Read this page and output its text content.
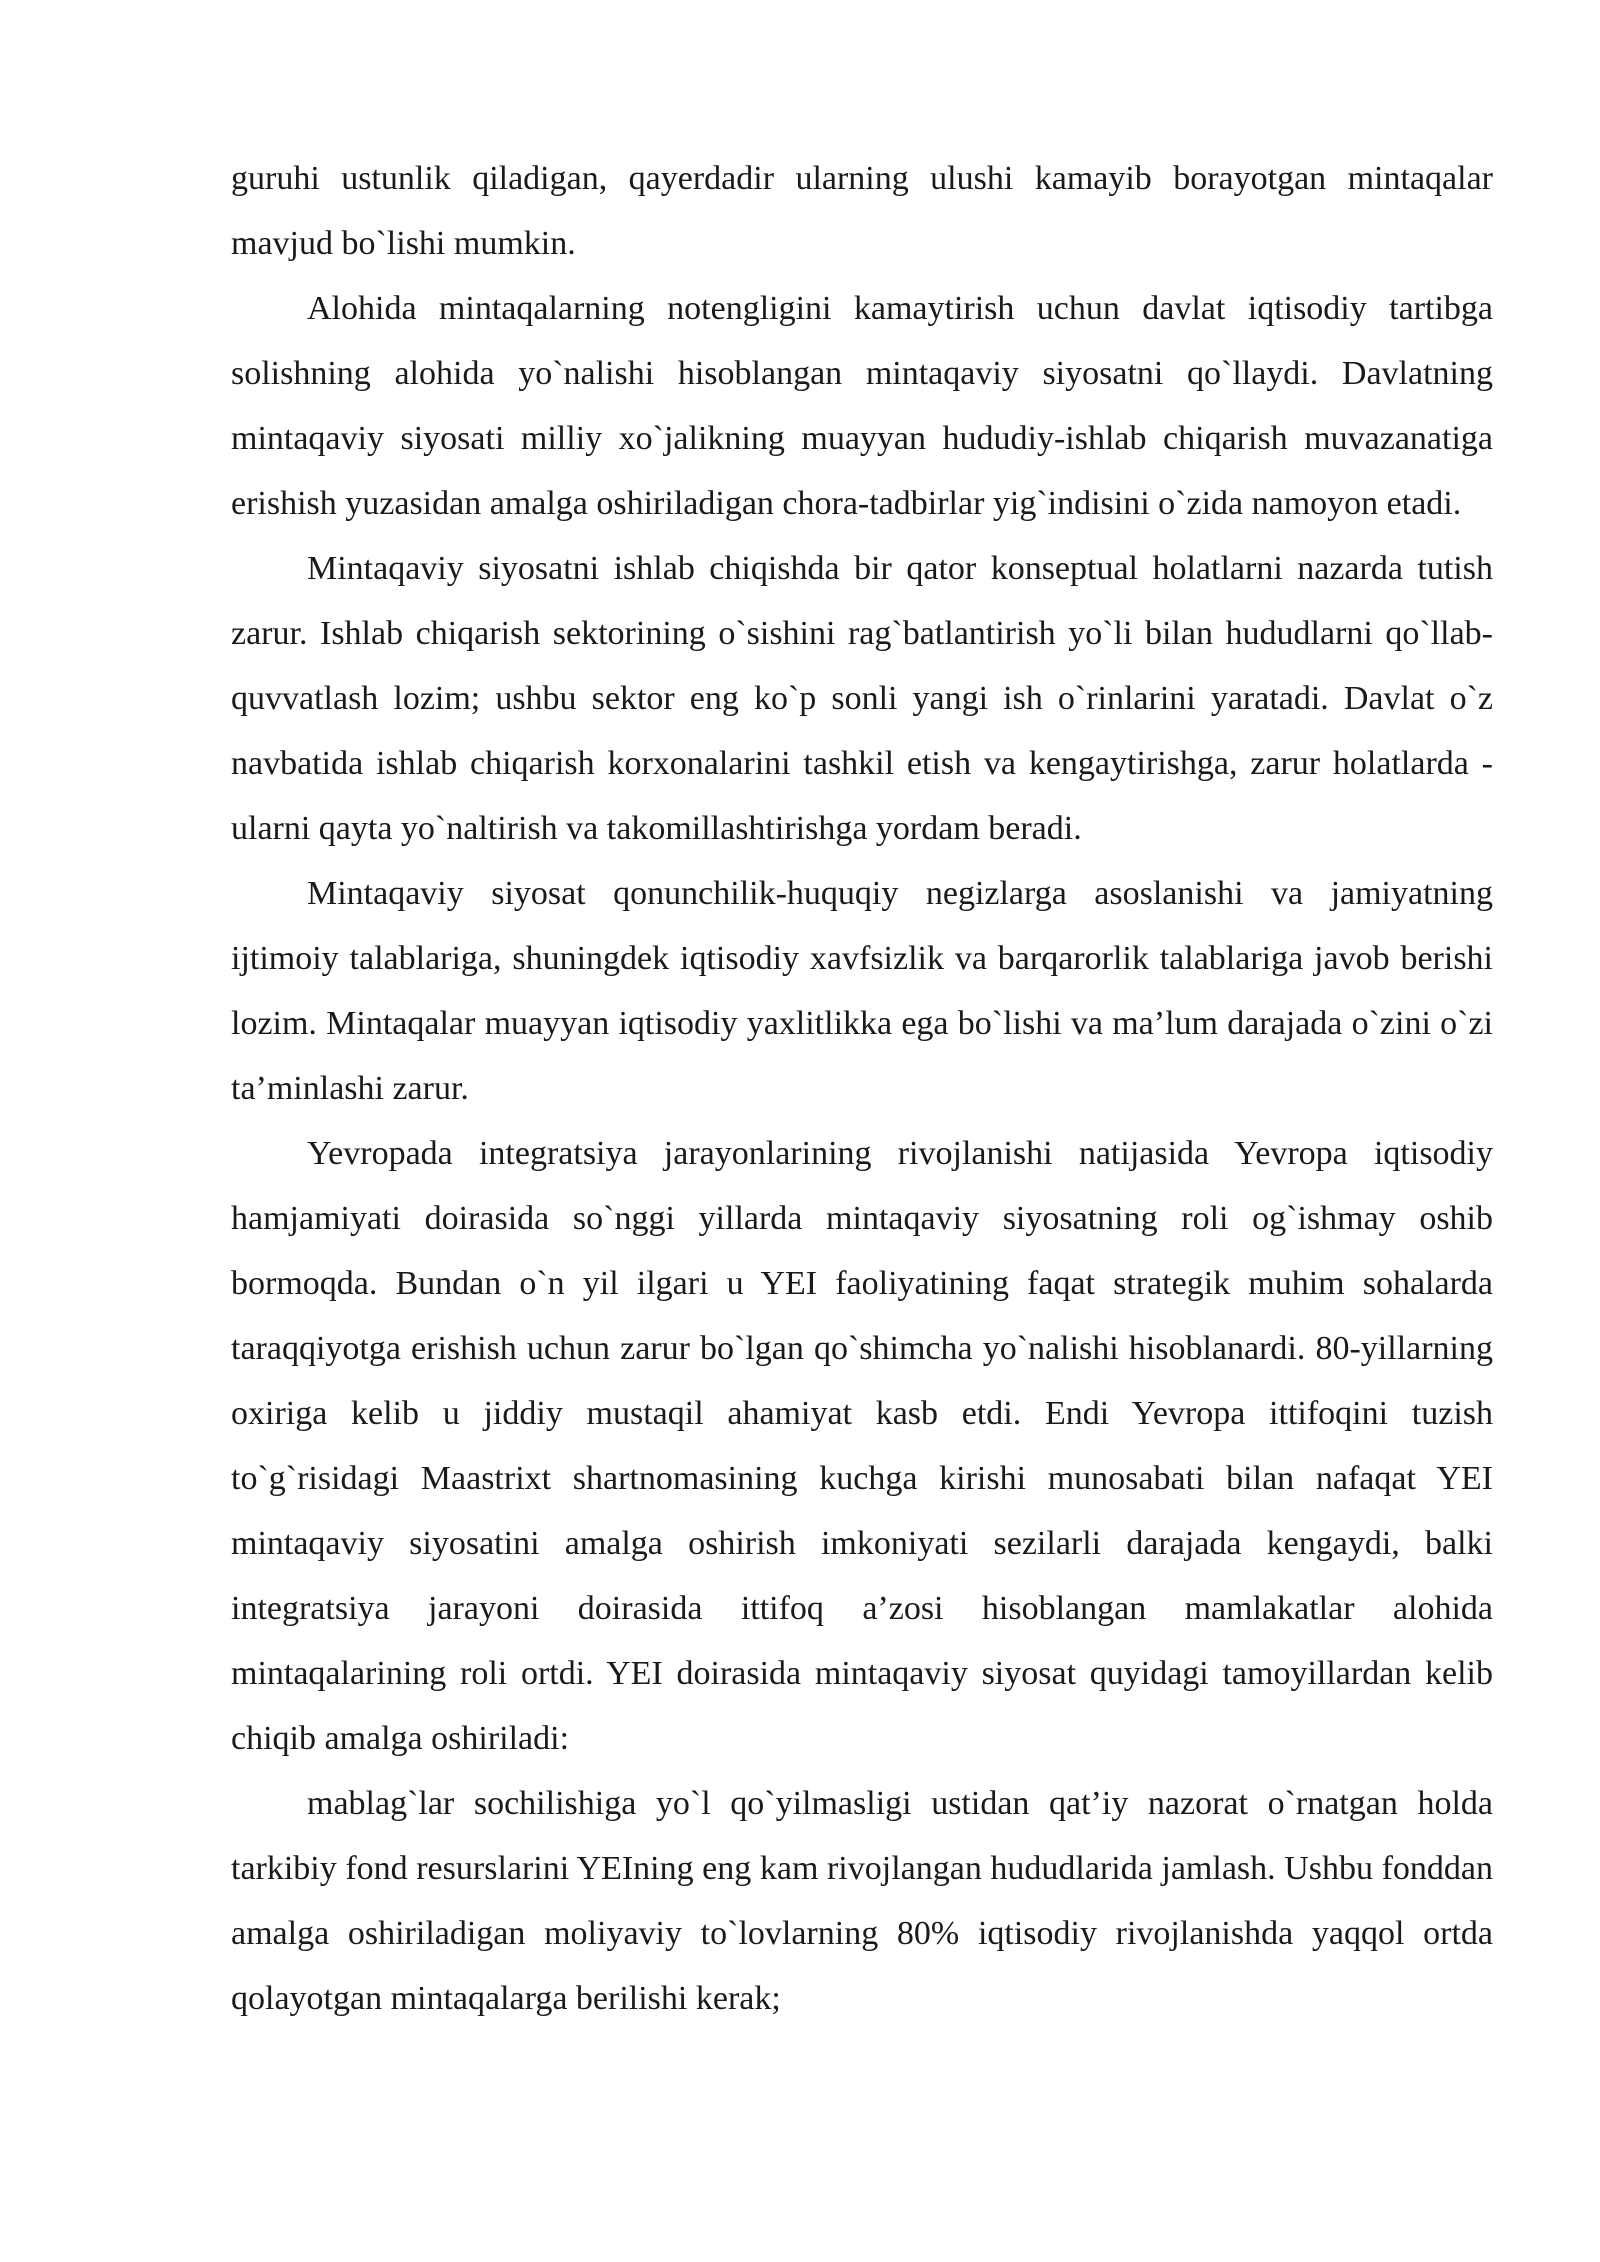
guruhi ustunlik qiladigan, qayerdadir ularning ulushi kamayib borayotgan mintaqalar mavjud bo`lishi mumkin.

Alohida mintaqalarning notengligini kamaytirish uchun davlat iqtisodiy tartibga solishning alohida yo`nalishi hisoblangan mintaqaviy siyosatni qo`llaydi. Davlatning mintaqaviy siyosati milliy xo`jalikning muayyan hududiy-ishlab chiqarish muvazanatiga erishish yuzasidan amalga oshiriladigan chora-tadbirlar yig`indisini o`zida namoyon etadi.

Mintaqaviy siyosatni ishlab chiqishda bir qator konseptual holatlarni nazarda tutish zarur. Ishlab chiqarish sektorining o`sishini rag`batlantirish yo`li bilan hududlarni qo`llab-quvvatlash lozim; ushbu sektor eng ko`p sonli yangi ish o`rinlarini yaratadi. Davlat o`z navbatida ishlab chiqarish korxonalarini tashkil etish va kengaytirishga, zarur holatlarda - ularni qayta yo`naltirish va takomillashtirishga yordam beradi.

Mintaqaviy siyosat qonunchilik-huquqiy negizlarga asoslanishi va jamiyatning ijtimoiy talablariga, shuningdek iqtisodiy xavfsizlik va barqarorlik talablariga javob berishi lozim. Mintaqalar muayyan iqtisodiy yaxlitlikka ega bo`lishi va ma’lum darajada o`zini o`zi ta’minlashi zarur.

Yevropada integratsiya jarayonlarining rivojlanishi natijasida Yevropa iqtisodiy hamjamiyati doirasida so`nggi yillarda mintaqaviy siyosatning roli og`ishmay oshib bormoqda. Bundan o`n yil ilgari u YEI faoliyatining faqat strategik muhim sohalarda taraqqiyotga erishish uchun zarur bo`lgan qo`shimcha yo`nalishi hisoblanardi. 80-yillarning oxiriga kelib u jiddiy mustaqil ahamiyat kasb etdi. Endi Yevropa ittifoqini tuzish to`g`risidagi Maastrixt shartnomasining kuchga kirishi munosabati bilan nafaqat YEI mintaqaviy siyosatini amalga oshirish imkoniyati sezilarli darajada kengaydi, balki integratsiya jarayoni doirasida ittifoq a’zosi hisoblangan mamlakatlar alohida mintaqalarining roli ortdi. YEI doirasida mintaqaviy siyosat quyidagi tamoyillardan kelib chiqib amalga oshiriladi:

mablag`lar sochilishiga yo`l qo`yilmasligi ustidan qat’iy nazorat o`rnatgan holda tarkibiy fond resurslarini YEIning eng kam rivojlangan hududlarida jamlash. Ushbu fonddan amalga oshiriladigan moliyaviy to`lovlarning 80% iqtisodiy rivojlanishda yaqqol ortda qolayotgan mintaqalarga berilishi kerak;
